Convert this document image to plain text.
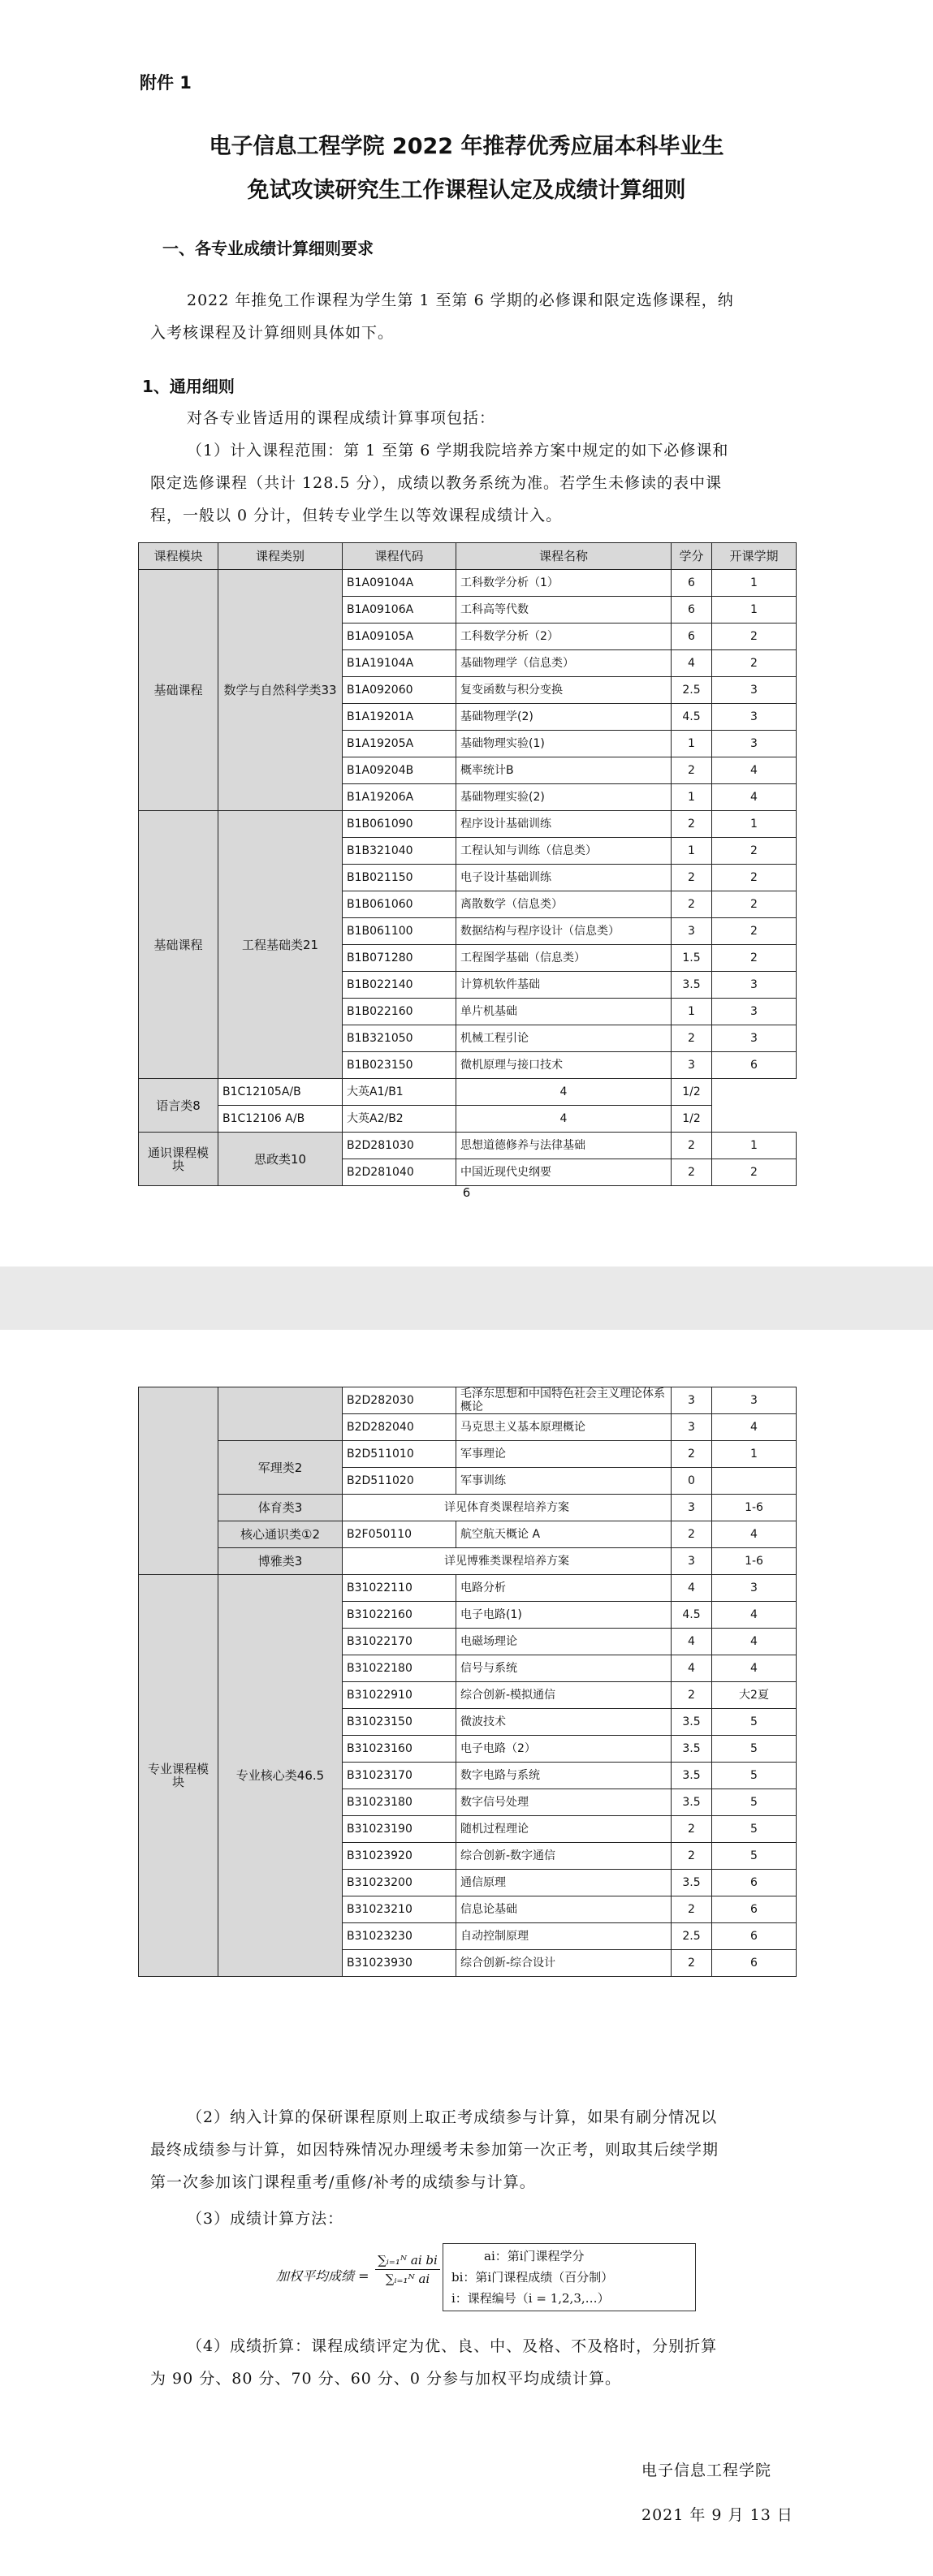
附件 1
电子信息工程学院 2022 年推荐优秀应届本科毕业生
免试攻读研究生工作课程认定及成绩计算细则
一、各专业成绩计算细则要求
2022 年推免工作课程为学生第 1 至第 6 学期的必修课和限定选修课程，纳
入考核课程及计算细则具体如下。
1、通用细则
对各专业皆适用的课程成绩计算事项包括：
（1）计入课程范围：第 1 至第 6 学期我院培养方案中规定的如下必修课和
限定选修课程（共计 128.5 分），成绩以教务系统为准。若学生未修读的表中课
程，一般以 0 分计，但转专业学生以等效课程成绩计入。
课程模块	课程类别	课程代码	课程名称	学分	开课学期
基础课程	数学与自然科学类33	B1A09104A	工科数学分析（1）	6	1
		B1A09106A	工科高等代数	6	1
		B1A09105A	工科数学分析（2）	6	2
		B1A19104A	基础物理学（信息类）	4	2
		B1A092060	复变函数与积分变换	2.5	3
		B1A19201A	基础物理学(2)	4.5	3
		B1A19205A	基础物理实验(1)	1	3
		B1A09204B	概率统计B	2	4
		B1A19206A	基础物理实验(2)	1	4
基础课程	工程基础类21	B1B061090	程序设计基础训练	2	1
		B1B321040	工程认知与训练（信息类）	1	2
		B1B021150	电子设计基础训练	2	2
		B1B061060	离散数学（信息类）	2	2
		B1B061100	数据结构与程序设计（信息类）	3	2
		B1B071280	工程图学基础（信息类）	1.5	2
		B1B022140	计算机软件基础	3.5	3
		B1B022160	单片机基础	1	3
		B1B321050	机械工程引论	2	3
		B1B023150	微机原理与接口技术	3	6
语言类8	B1C12105A/B	大英A1/B1	4	1/2	
	B1C12106 A/B	大英A2/B2	4	1/2	
通识课程模块	思政类10	B2D281030	思想道德修养与法律基础	2	1
		B2D281040	中国近现代史纲要	2	2
6
		B2D282030	毛泽东思想和中国特色社会主义理论体系概论	3	3
		B2D282040	马克思主义基本原理概论	3	4
	军理类2	B2D511010	军事理论	2	1
		B2D511020	军事训练	0	
	体育类3	详见体育类课程培养方案		3	1-6
	核心通识类①2	B2F050110	航空航天概论 A	2	4
	博雅类3	详见博雅类课程培养方案		3	1-6
专业课程模块	专业核心类46.5	B31022110	电路分析	4	3
		B31022160	电子电路(1)	4.5	4
		B31022170	电磁场理论	4	4
		B31022180	信号与系统	4	4
		B31022910	综合创新-模拟通信	2	大2夏
		B31023150	微波技术	3.5	5
		B31023160	电子电路（2）	3.5	5
		B31023170	数字电路与系统	3.5	5
		B31023180	数字信号处理	3.5	5
		B31023190	随机过程理论	2	5
		B31023920	综合创新-数字通信	2	5
		B31023200	通信原理	3.5	6
		B31023210	信息论基础	2	6
		B31023230	自动控制原理	2.5	6
		B31023930	综合创新-综合设计	2	6
（2）纳入计算的保研课程原则上取正考成绩参与计算，如果有刷分情况以
最终成绩参与计算，如因特殊情况办理缓考未参加第一次正考，则取其后续学期
第一次参加该门课程重考/重修/补考的成绩参与计算。
（3）成绩计算方法：
加权平均成绩 = $\frac{\text{∑ᵢ₌₁ᴺ ai bi}}{\text{∑ᵢ₌₁ᴺ ai}}$	ai：第i门课程学分
bi：第i门课程成绩（百分制）
i：课程编号（i = 1,2,3,…）
（4）成绩折算：课程成绩评定为优、良、中、及格、不及格时，分别折算
为 90 分、80 分、70 分、60 分、0 分参与加权平均成绩计算。
电子信息工程学院
2021 年 9 月 13 日
